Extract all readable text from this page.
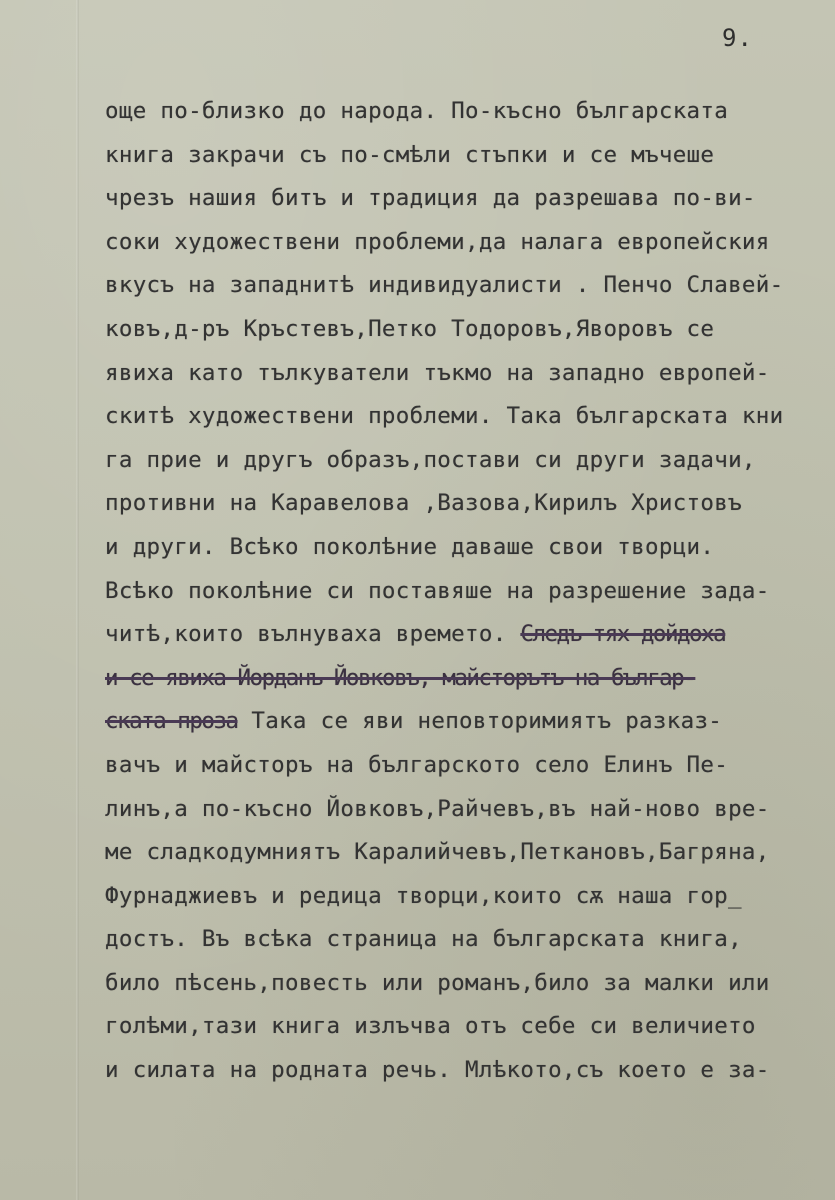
9.
още по-близко до народа. По-късно българската
книга закрачи съ по-смѣли стъпки и се мъчеше
чрезъ нашия битъ и традиция да разрешава по-ви-
соки художествени проблеми,да налага европейския
вкусъ на западнитѣ индивидуалисти . Пенчо Славей-
ковъ,д-ръ Кръстевъ,Петко Тодоровъ,Яворовъ се
явиха като тълкуватели тъкмо на западно европей-
скитѣ художествени проблеми. Така българската кни
га прие и другъ образъ,постави си други задачи,
противни на Каравелова ,Вазова,Кирилъ Христовъ
и други. Всѣко поколѣние даваше свои творци.
Всѣко поколѣние си поставяше на разрешение зада-
читѣ,които вълнуваха времето. Следъ тях дойдоха
и се явиха Йорданъ Йовковъ, майсторътъ на българ-
ската проза Така се яви неповторимиятъ разказ-
вачъ и майсторъ на българското село Елинъ Пе-
линъ,а по-късно Йовковъ,Райчевъ,въ най-ново вре-
ме сладкодумниятъ Каралийчевъ,Петкановъ,Багряна,
Фурнаджиевъ и редица творци,които сѫ наша гор_
достъ. Въ всѣка страница на българската книга,
било пѣсень,повесть или романъ,било за малки или
голѣми,тази книга излъчва отъ себе си величието
и силата на родната речь. Млѣкото,съ което е за-
